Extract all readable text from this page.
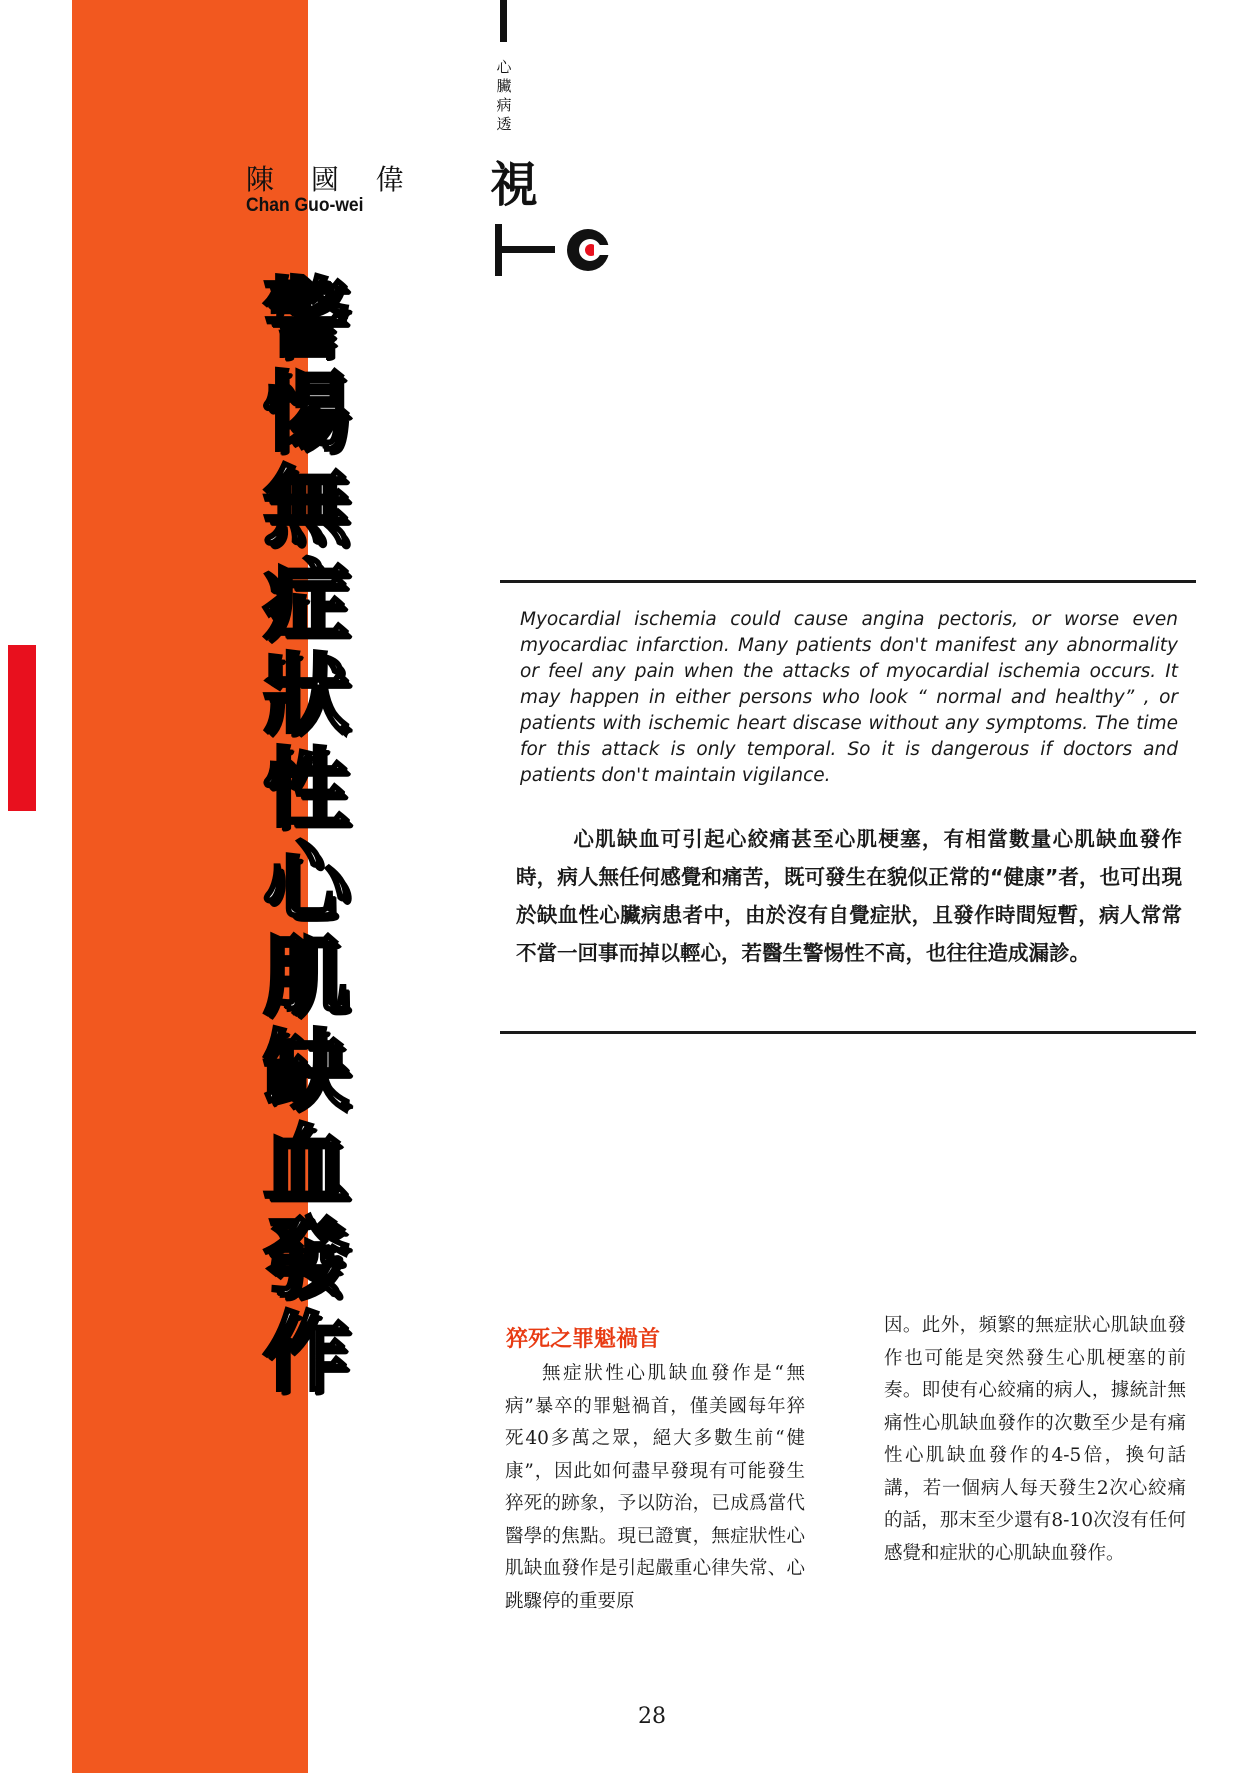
陳 國 偉
Chan Guo-wei
警
惕
無
症
狀
性
心
肌
缺
血
發
作
心臟病透
視
Myocardial ischemia could cause angina pectoris, or worse even myocardiac infarction. Many patients don't manifest any abnormality or feel any pain when the attacks of myocardial ischemia occurs. It may happen in either persons who look “ normal and healthy” , or patients with ischemic heart discase without any symptoms. The time for this attack is only temporal. So it is dangerous if doctors and patients don't maintain vigilance.
心肌缺血可引起心絞痛甚至心肌梗塞，有相當數量心肌缺血發作時，病人無任何感覺和痛苦，既可發生在貌似正常的“健康”者，也可出現於缺血性心臟病患者中，由於沒有自覺症狀，且發作時間短暫，病人常常不當一回事而掉以輕心，若醫生警惕性不高，也往往造成漏診。
猝死之罪魁禍首
無症狀性心肌缺血發作是“無病”暴卒的罪魁禍首，僅美國每年猝死40多萬之眾，絕大多數生前“健康”，因此如何盡早發現有可能發生猝死的跡象，予以防治，已成爲當代醫學的焦點。現已證實，無症狀性心肌缺血發作是引起嚴重心律失常、心跳驟停的重要原
因。此外，頻繁的無症狀心肌缺血發作也可能是突然發生心肌梗塞的前奏。即使有心絞痛的病人，據統計無痛性心肌缺血發作的次數至少是有痛性心肌缺血發作的4-5倍，換句話講，若一個病人每天發生2次心絞痛的話，那末至少還有8-10次沒有任何感覺和症狀的心肌缺血發作。
28
